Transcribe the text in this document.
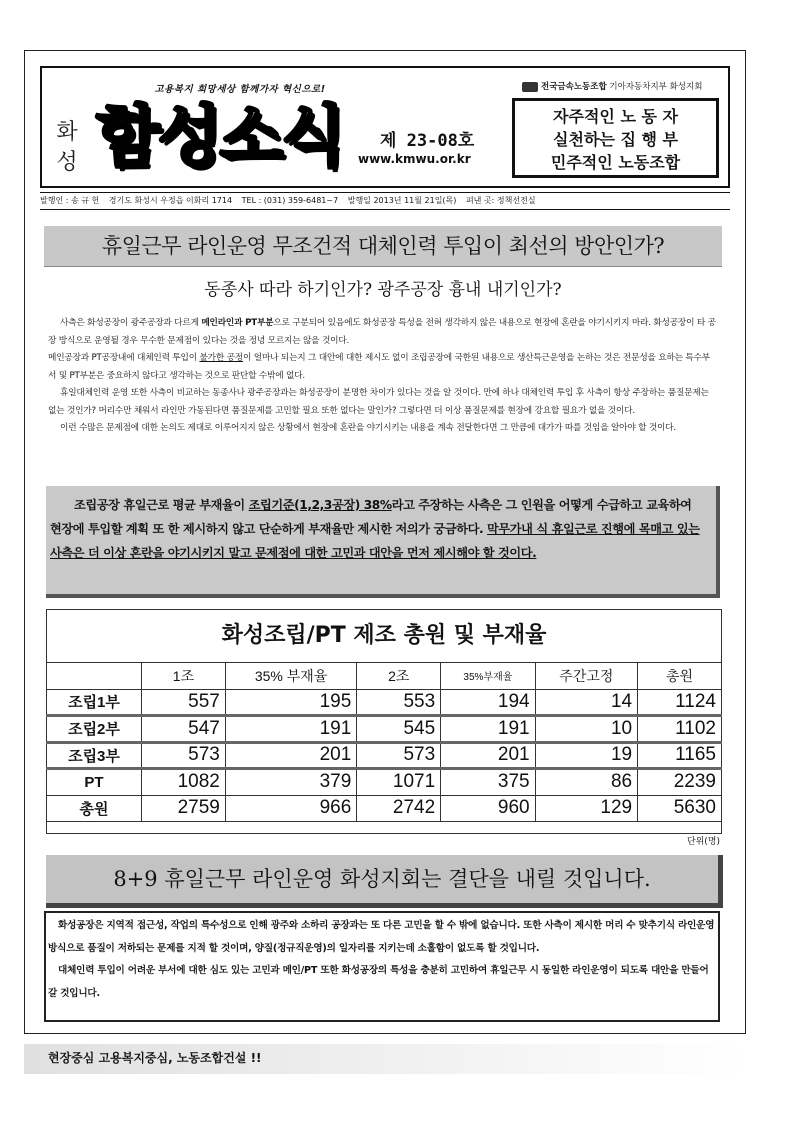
고용복지 희망세상 함께가자 혁신으로!
화성 함성소식	제 23-08호
www.kmwu.or.kr
전국금속노동조합 기아자동차지부 화성지회
자주적인 노 동 자
실천하는 집 행 부
민주적인 노동조합
발행인 : 송 규 헌 경기도 화성시 우정읍 이화리 1714 TEL : (031) 359-6481~7 발행일 2013년 11월 21일(목) 펴낸 곳: 정책선전실
휴일근무 라인운영 무조건적 대체인력 투입이 최선의 방안인가?
동종사 따라 하기인가? 광주공장 흉내 내기인가?

사측은 화성공장이 광주공장과 다르게 메인라인과 PT부분으로 구분되어 있음에도 화성공장 특성을 전혀 생각하지 않은 내용으로 현장에 혼란을 야기시키지 마라. 화성공장이 타 공장 방식으로 운영될 경우 무수한 문제점이 있다는 것을 정녕 모르지는 않을 것이다.

메인공장과 PT공장내에 대체인력 투입이 불가한 공정이 얼마나 되는지 그 대안에 대한 제시도 없이 조립공장에 국한된 내용으로 생산특근운영을 논하는 것은 전문성을 요하는 특수부서 및 PT부분은 중요하지 않다고 생각하는 것으로 판단할 수밖에 없다.

휴일대체인력 운영 또한 사측이 비교하는 동종사나 광주공장과는 화성공장이 분명한 차이가 있다는 것을 알 것이다. 만에 하나 대체인력 투입 후 사측이 항상 주장하는 품질문제는 없는 것인가? 머리수만 채워서 라인만 가동된다면 품질문제를 고민할 필요 또한 없다는 말인가? 그렇다면 더 이상 품질문제를 현장에 강요할 필요가 없을 것이다.

이런 수많은 문제점에 대한 논의도 제대로 이루어지지 않은 상황에서 현장에 혼란을 야기시키는 내용을 계속 전달한다면 그 만큼에 대가가 따를 것임을 알아야 할 것이다.

조립공장 휴일근로 평균 부재율이 조립기준(1,2,3공장) 38%라고 주장하는 사측은 그 인원을 어떻게 수급하고 교육하여 현장에 투입할 계획 또 한 제시하지 않고 단순하게 부재율만 제시한 저의가 궁금하다. 막무가내 식 휴일근로 진행에 목매고 있는 사측은 더 이상 혼란을 야기시키지 말고 문제점에 대한 고민과 대안을 먼저 제시해야 할 것이다.
화성조립/PT 제조 총원 및 부재율
	1조	35% 부재율	2조	35%부재율	주간고정	총원
조립1부	557	195	553	194	14	1124
조립2부	547	191	545	191	10	1102
조립3부	573	201	573	201	19	1165
PT	1082	379	1071	375	86	2239
총원	2759	966	2742	960	129	5630
단위(명)
8+9 휴일근무 라인운영 화성지회는 결단을 내릴 것입니다.

화성공장은 지역적 접근성, 작업의 특수성으로 인해 광주와 소하리 공장과는 또 다른 고민을 할 수 밖에 없습니다. 또한 사측이 제시한 머리 수 맞추기식 라인운영 방식으로 품질이 저하되는 문제를 지적 할 것이며, 양질(정규직운영)의 일자리를 지키는데 소홀함이 없도록 할 것입니다.

대체인력 투입이 어려운 부서에 대한 심도 있는 고민과 메인/PT 또한 화성공장의 특성을 충분히 고민하여 휴일근무 시 동일한 라인운영이 되도록 대안을 만들어 갈 것입니다.

현장중심 고용복지중심, 노동조합건설 !!
